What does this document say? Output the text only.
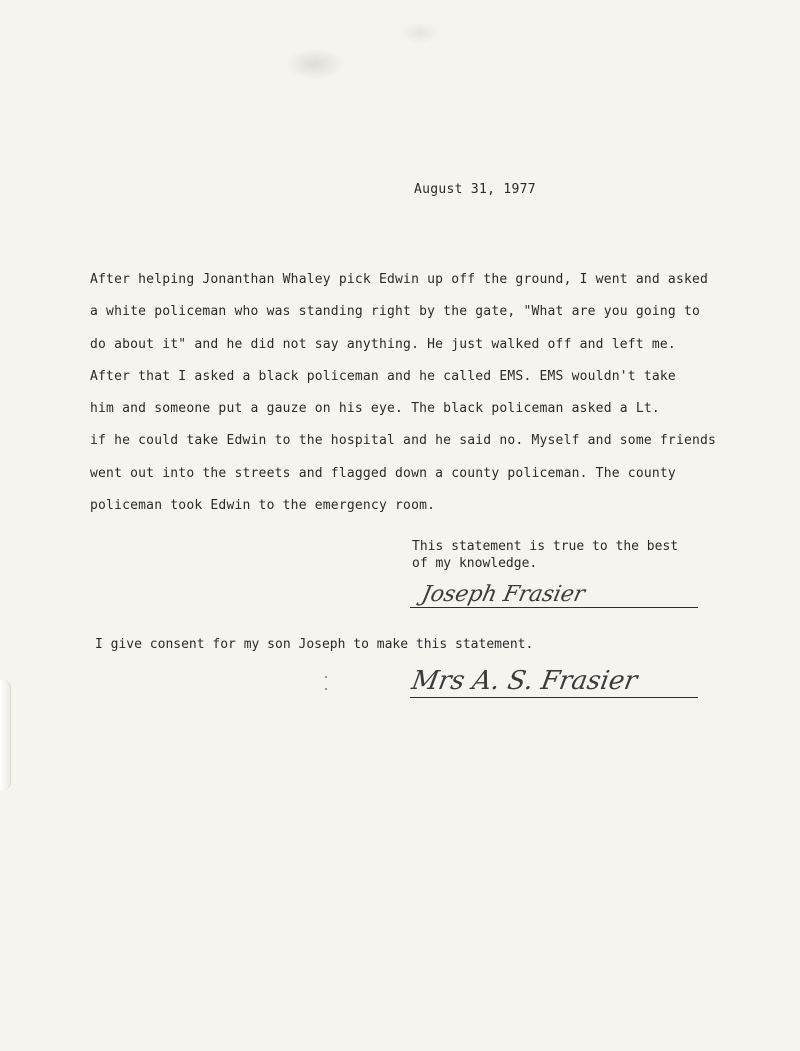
August 31, 1977
After helping Jonanthan Whaley pick Edwin up off the ground, I went and asked
a white policeman who was standing right by the gate, "What are you going to
do about it" and he did not say anything. He just walked off and left me.
After that I asked a black policeman and he called EMS. EMS wouldn't take
him and someone put a gauze on his eye. The black policeman asked a Lt.
if he could take Edwin to the hospital and he said no. Myself and some friends
went out into the streets and flagged down a county policeman. The county
policeman took Edwin to the emergency room.
This statement is true to the best
of my knowledge.
Joseph Frasier
I give consent for my son Joseph to make this statement.
Mrs A. S. Frasier
